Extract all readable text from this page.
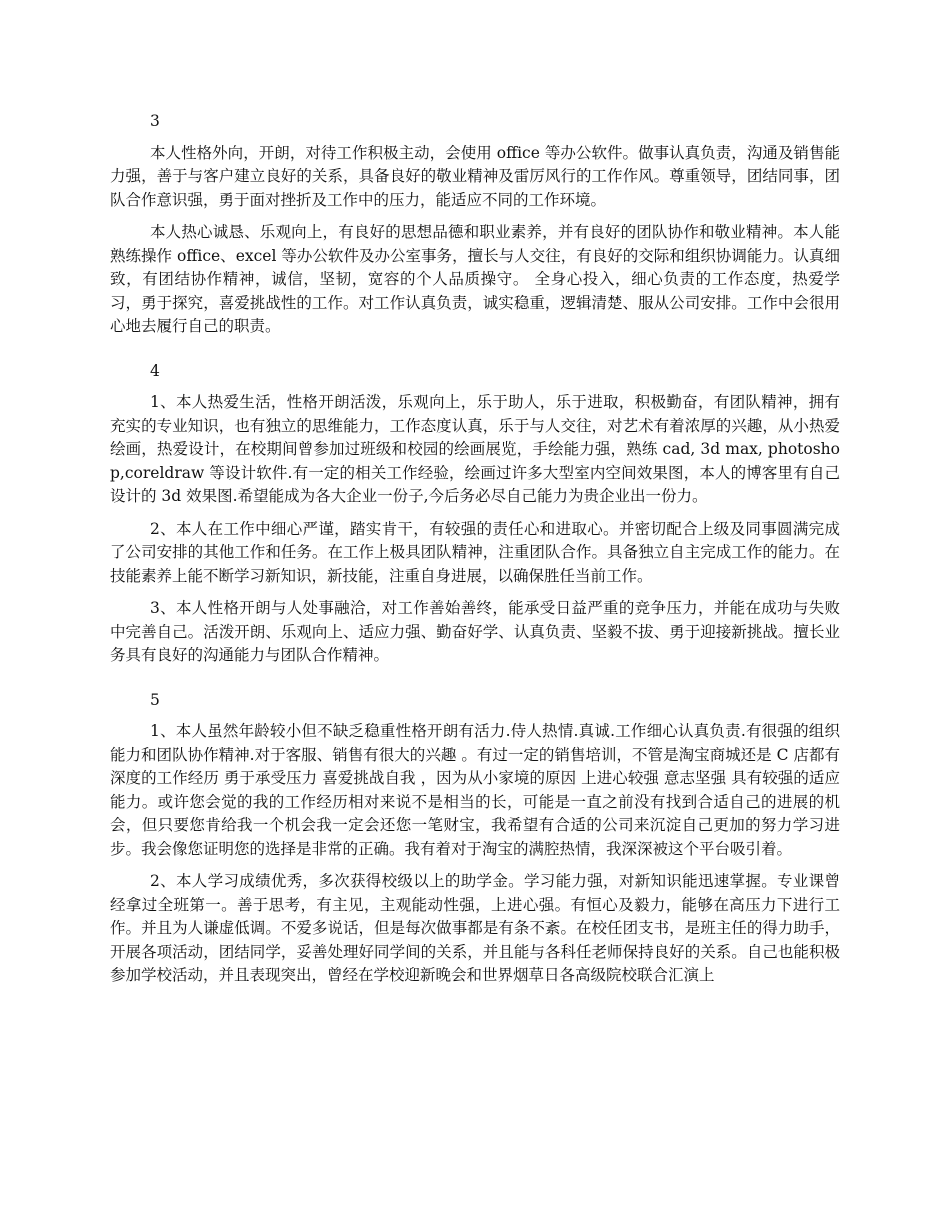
3

本人性格外向，开朗，对待工作积极主动，会使用 office 等办公软件。做事认真负责，沟通及销售能力强，善于与客户建立良好的关系，具备良好的敬业精神及雷厉风行的工作作风。尊重领导，团结同事，团队合作意识强，勇于面对挫折及工作中的压力，能适应不同的工作环境。

本人热心诚恳、乐观向上，有良好的思想品德和职业素养，并有良好的团队协作和敬业精神。本人能熟练操作 office、excel 等办公软件及办公室事务，擅长与人交往，有良好的交际和组织协调能力。认真细致，有团结协作精神，诚信，坚韧，宽容的个人品质操守。 全身心投入，细心负责的工作态度，热爱学习，勇于探究，喜爱挑战性的工作。对工作认真负责，诚实稳重，逻辑清楚、服从公司安排。工作中会很用心地去履行自己的职责。

4

1、本人热爱生活，性格开朗活泼，乐观向上，乐于助人，乐于进取，积极勤奋，有团队精神，拥有充实的专业知识，也有独立的思维能力，工作态度认真，乐于与人交往，对艺术有着浓厚的兴趣，从小热爱绘画，热爱设计，在校期间曾参加过班级和校园的绘画展览，手绘能力强，熟练 cad, 3d max, photoshop,coreldraw 等设计软件.有一定的相关工作经验，绘画过许多大型室内空间效果图，本人的博客里有自己设计的 3d 效果图.希望能成为各大企业一份子,今后务必尽自己能力为贵企业出一份力。

2、本人在工作中细心严谨，踏实肯干，有较强的责任心和进取心。并密切配合上级及同事圆满完成了公司安排的其他工作和任务。在工作上极具团队精神，注重团队合作。具备独立自主完成工作的能力。在技能素养上能不断学习新知识，新技能，注重自身进展，以确保胜任当前工作。

3、本人性格开朗与人处事融洽，对工作善始善终，能承受日益严重的竞争压力，并能在成功与失败中完善自己。活泼开朗、乐观向上、适应力强、勤奋好学、认真负责、坚毅不拔、勇于迎接新挑战。擅长业务具有良好的沟通能力与团队合作精神。

5

1、本人虽然年龄较小但不缺乏稳重性格开朗有活力.侍人热情.真诚.工作细心认真负责.有很强的组织能力和团队协作精神.对于客服、销售有很大的兴趣 。有过一定的销售培训，不管是淘宝商城还是 C 店都有深度的工作经历 勇于承受压力 喜爱挑战自我 ，因为从小家境的原因 上进心较强 意志坚强 具有较强的适应能力。或许您会觉的我的工作经历相对来说不是相当的长，可能是一直之前没有找到合适自己的进展的机会，但只要您肯给我一个机会我一定会还您一笔财宝，我希望有合适的公司来沉淀自己更加的努力学习进步。我会像您证明您的选择是非常的正确。我有着对于淘宝的满腔热情，我深深被这个平台吸引着。

2、本人学习成绩优秀，多次获得校级以上的助学金。学习能力强，对新知识能迅速掌握。专业课曾经拿过全班第一。善于思考，有主见，主观能动性强，上进心强。有恒心及毅力，能够在高压力下进行工作。并且为人谦虚低调。不爱多说话，但是每次做事都是有条不紊。在校任团支书，是班主任的得力助手，开展各项活动，团结同学，妥善处理好同学间的关系，并且能与各科任老师保持良好的关系。自己也能积极参加学校活动，并且表现突出，曾经在学校迎新晚会和世界烟草日各高级院校联合汇演上
